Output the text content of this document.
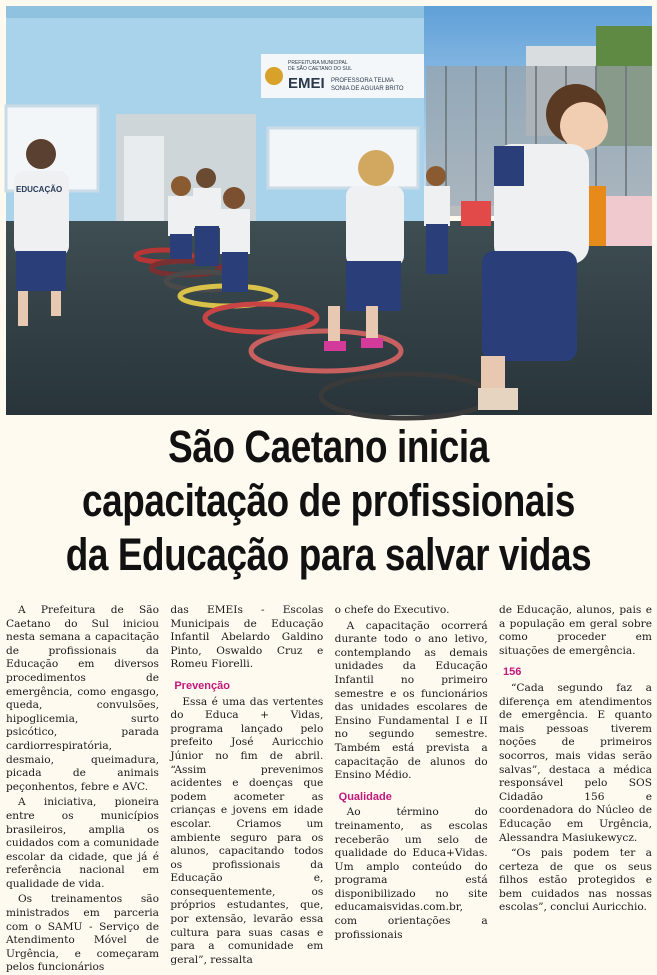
PREFEITURA MUNICIPAL
DE SÃO CAETANO DO SUL
EMEI PROFESSORA TELMA
SONIA DE AGUIAR BRITO
EDUCAÇÃO
São Caetano inicia
capacitação de profissionais
da Educação para salvar vidas

A Prefeitura de São Caetano do Sul iniciou nesta semana a capacitação de profissionais da Educação em diversos procedimentos de emergência, como engasgo, queda, convulsões, hipoglicemia, surto psicótico, parada cardiorrespiratória, desmaio, queimadura, picada de animais peçonhentos, febre e AVC.

A iniciativa, pioneira entre os municípios brasileiros, amplia os cuidados com a comunidade escolar da cidade, que já é referência nacional em qualidade de vida.

Os treinamentos são ministrados em parceria com o SAMU - Serviço de Atendimento Móvel de Urgência, e começaram pelos funcionários

das EMEIs - Escolas Municipais de Educação Infantil Abelardo Galdino Pinto, Oswaldo Cruz e Romeu Fiorelli.

Prevenção

Essa é uma das vertentes do Educa + Vidas, programa lançado pelo prefeito José Auricchio Júnior no fim de abril. “Assim prevenimos acidentes e doenças que podem acometer as crianças e jovens em idade escolar. Criamos um ambiente seguro para os alunos, capacitando todos os profissionais da Educação e, consequentemente, os próprios estudantes, que, por extensão, levarão essa cultura para suas casas e para a comunidade em geral”, ressalta

o chefe do Executivo.

A capacitação ocorrerá durante todo o ano letivo, contemplando as demais unidades da Educação Infantil no primeiro semestre e os funcionários das unidades escolares de Ensino Fundamental I e II no segundo semestre. Também está prevista a capacitação de alunos do Ensino Médio.

Qualidade

Ao término do treinamento, as escolas receberão um selo de qualidade do Educa+Vidas. Um amplo conteúdo do programa está disponibilizado no site educamaisvidas.com.br, com orientações a profissionais

de Educação, alunos, pais e a população em geral sobre como proceder em situações de emergência.

156

“Cada segundo faz a diferença em atendimentos de emergência. E quanto mais pessoas tiverem noções de primeiros socorros, mais vidas serão salvas”, destaca a médica responsável pelo SOS Cidadão 156 e coordenadora do Núcleo de Educação em Urgência, Alessandra Masiukewycz.

“Os pais podem ter a certeza de que os seus filhos estão protegidos e bem cuidados nas nossas escolas”, conclui Auricchio.
